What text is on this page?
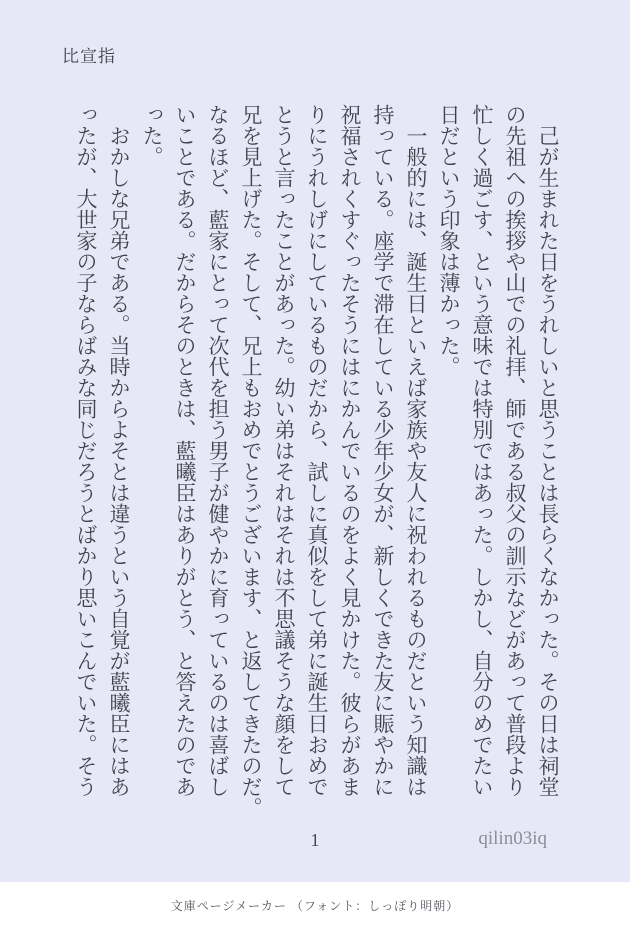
比宣指
　己が生まれた日をうれしいと思うことは長らくなかった。その日は祠堂
の先祖への挨拶や山での礼拝、師である叔父の訓示などがあって普段より
忙しく過ごす、という意味では特別ではあった。しかし、自分のめでたい
日だという印象は薄かった。
　一般的には、誕生日といえば家族や友人に祝われるものだという知識は
持っている。座学で滞在している少年少女が、新しくできた友に賑やかに
祝福されくすぐったそうにはにかんでいるのをよく見かけた。彼らがあま
りにうれしげにしているものだから、試しに真似をして弟に誕生日おめで
とうと言ったことがあった。幼い弟はそれはそれは不思議そうな顔をして
兄を見上げた。そして、兄上もおめでとうございます、と返してきたのだ。
なるほど、藍家にとって次代を担う男子が健やかに育っているのは喜ばし
いことである。だからそのときは、藍曦臣はありがとう、と答えたのであ
った。
　おかしな兄弟である。当時からよそとは違うという自覚が藍曦臣にはあ
ったが、大世家の子ならばみな同じだろうとばかり思いこんでいた。そう
1	qilin03iq
文庫ページメーカー （フォント：しっぽり明朝）
